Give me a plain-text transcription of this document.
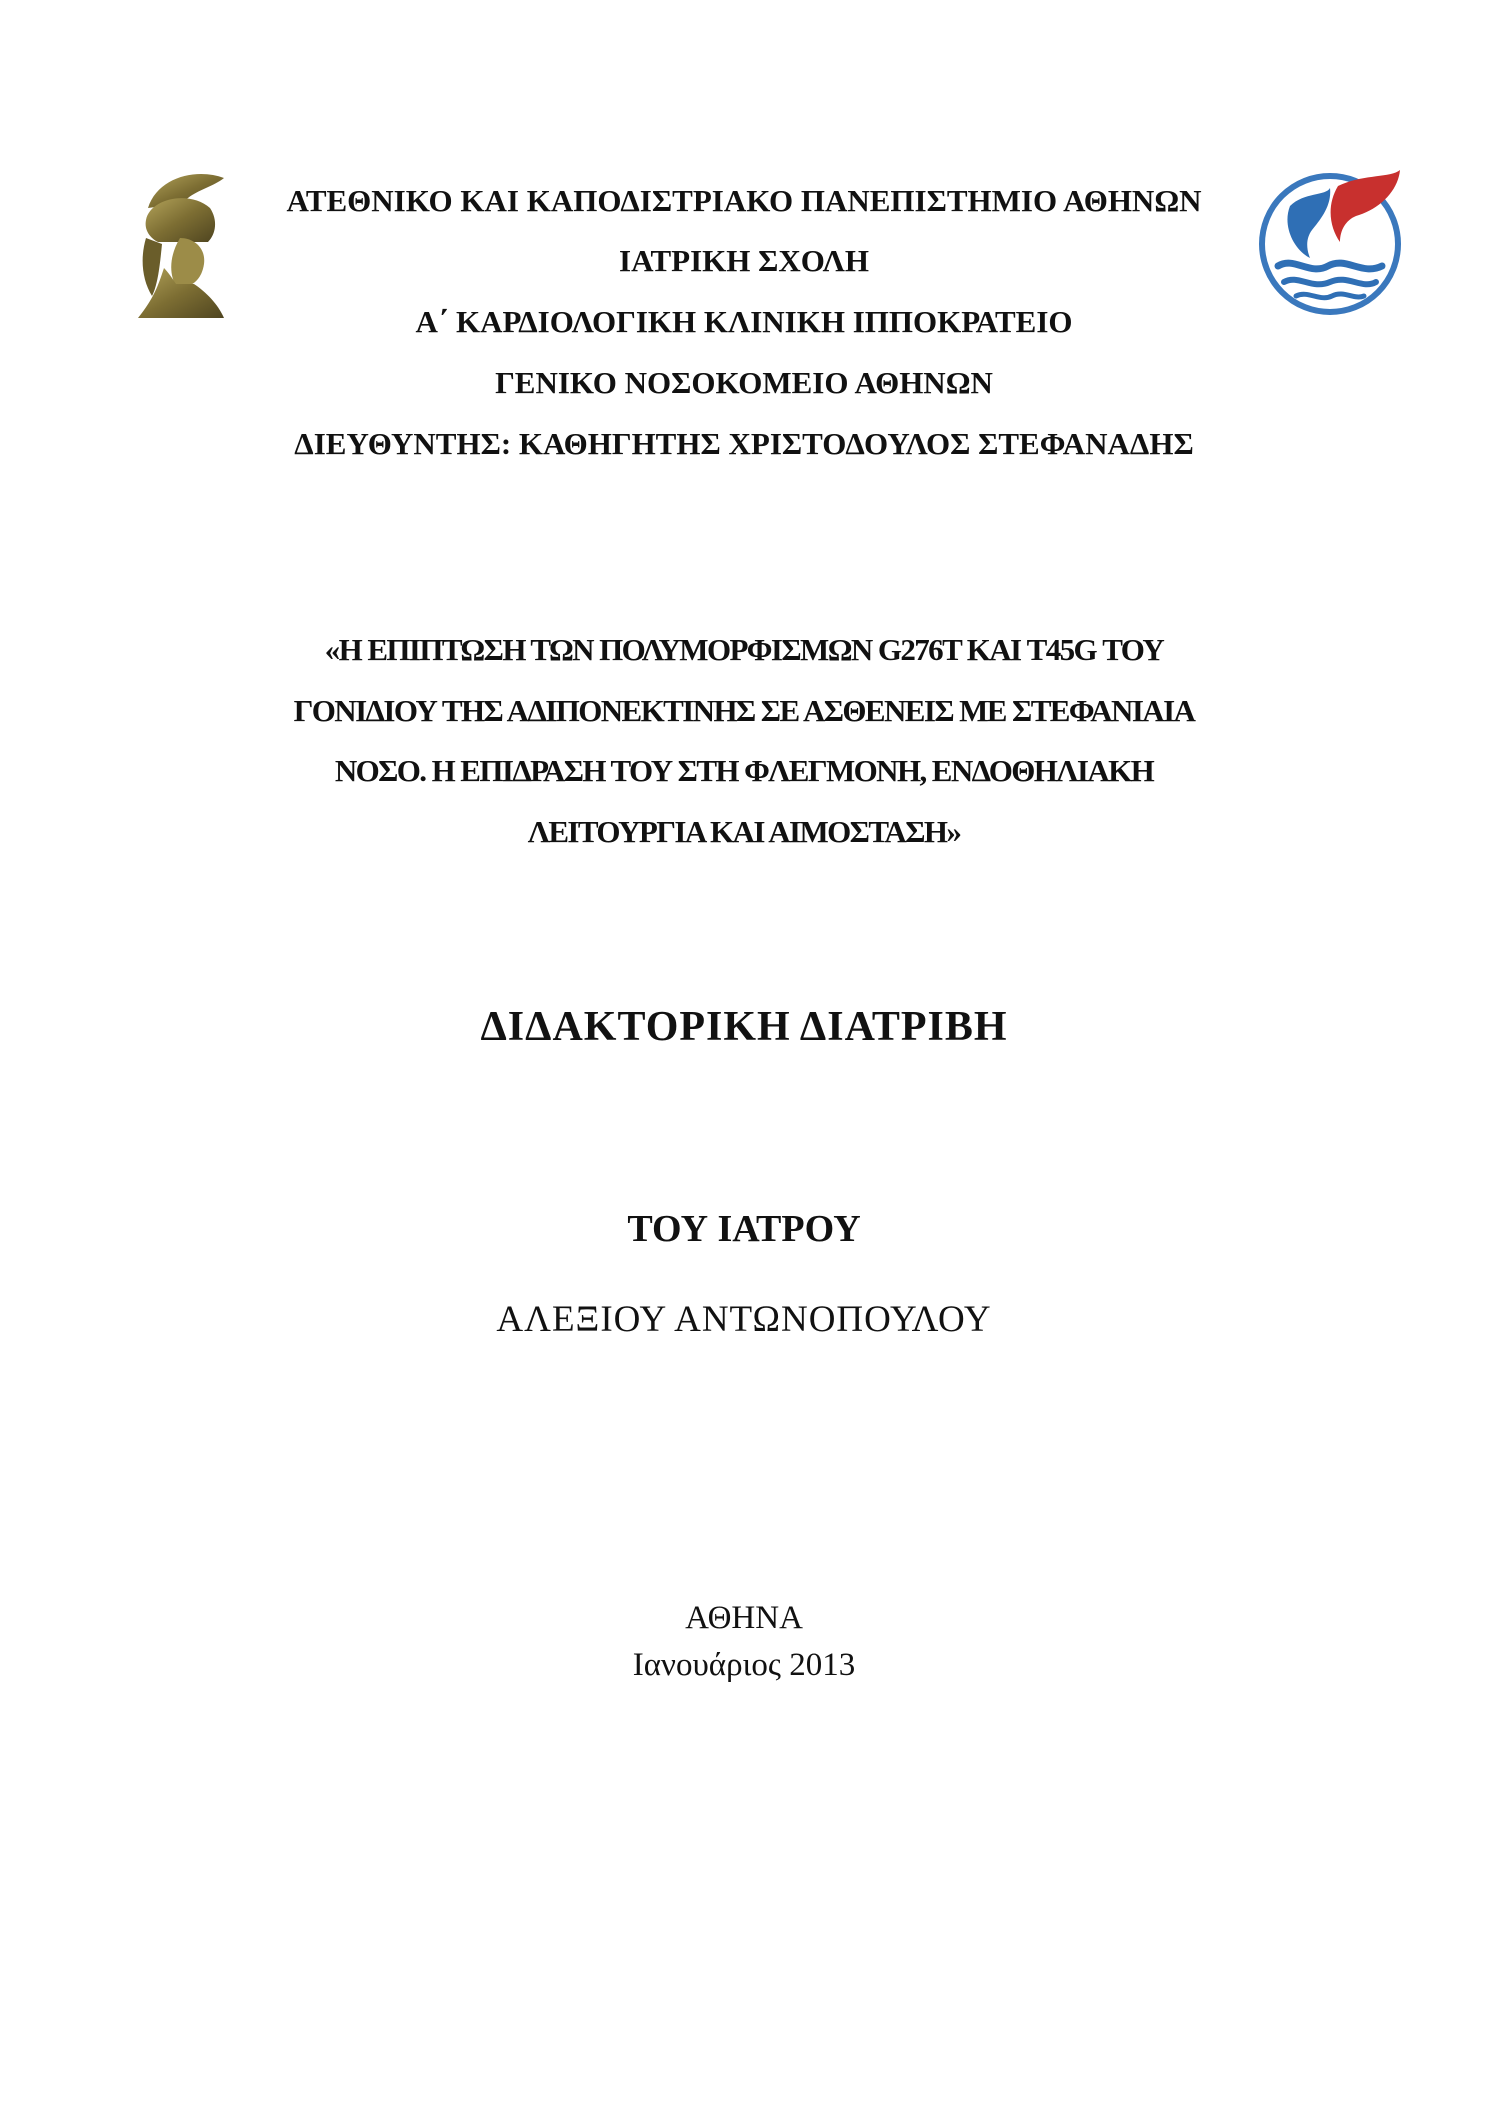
ΑΤΕΘΝΙΚΟ ΚΑΙ ΚΑΠΟΔΙΣΤΡΙΑΚΟ ΠΑΝΕΠΙΣΤΗΜΙΟ ΑΘΗΝΩΝ
ΙΑΤΡΙΚΗ ΣΧΟΛΗ
Α΄ ΚΑΡΔΙΟΛΟΓΙΚΗ ΚΛΙΝΙΚΗ ΙΠΠΟΚΡΑΤΕΙΟ
ΓΕΝΙΚΟ ΝΟΣΟΚΟΜΕΙΟ ΑΘΗΝΩΝ
ΔΙΕΥΘΥΝΤΗΣ: ΚΑΘΗΓΗΤΗΣ ΧΡΙΣΤΟΔΟΥΛΟΣ ΣΤΕΦΑΝΑΔΗΣ
«Η ΕΠΙΠΤΩΣΗ ΤΩΝ ΠΟΛΥΜΟΡΦΙΣΜΩΝ G276T ΚΑΙ T45G ΤΟΥ
ΓΟΝΙΔΙΟΥ ΤΗΣ ΑΔΙΠΟΝΕΚΤΙΝΗΣ ΣΕ ΑΣΘΕΝΕΙΣ ΜΕ ΣΤΕΦΑΝΙΑΙΑ
ΝΟΣΟ. Η ΕΠΙΔΡΑΣΗ ΤΟΥ ΣΤΗ ΦΛΕΓΜΟΝΗ, ΕΝΔΟΘΗΛΙΑΚΗ
ΛΕΙΤΟΥΡΓΙΑ ΚΑΙ ΑΙΜΟΣΤΑΣΗ»
ΔΙΔΑΚΤΟΡΙΚΗ ΔΙΑΤΡΙΒΗ
ΤΟΥ ΙΑΤΡΟΥ
ΑΛΕΞΙΟΥ ΑΝΤΩΝΟΠΟΥΛΟΥ
ΑΘΗΝΑ
Ιανουάριος 2013
